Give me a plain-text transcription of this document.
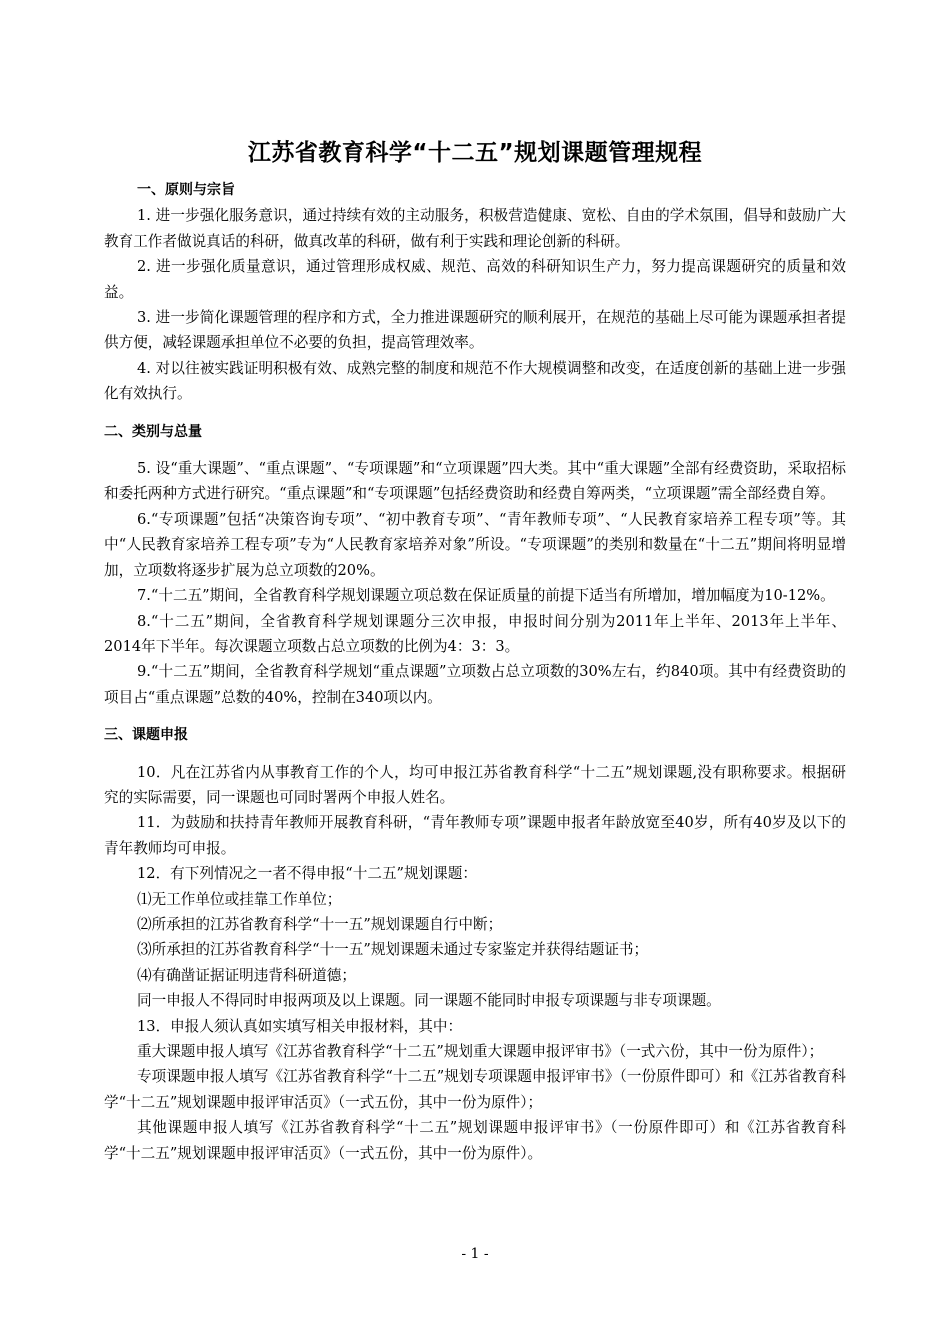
江苏省教育科学“十二五”规划课题管理规程
一、原则与宗旨
1. 进一步强化服务意识，通过持续有效的主动服务，积极营造健康、宽松、自由的学术氛围，倡导和鼓励广大教育工作者做说真话的科研，做真改革的科研，做有利于实践和理论创新的科研。
2. 进一步强化质量意识，通过管理形成权威、规范、高效的科研知识生产力，努力提高课题研究的质量和效益。
3. 进一步简化课题管理的程序和方式，全力推进课题研究的顺利展开，在规范的基础上尽可能为课题承担者提供方便，减轻课题承担单位不必要的负担，提高管理效率。
4. 对以往被实践证明积极有效、成熟完整的制度和规范不作大规模调整和改变，在适度创新的基础上进一步强化有效执行。
二、类别与总量
5. 设“重大课题”、“重点课题”、“专项课题”和“立项课题”四大类。其中“重大课题”全部有经费资助，采取招标和委托两种方式进行研究。“重点课题”和“专项课题”包括经费资助和经费自筹两类，“立项课题”需全部经费自筹。
6.“专项课题”包括“决策咨询专项”、“初中教育专项”、“青年教师专项”、“人民教育家培养工程专项”等。其中“人民教育家培养工程专项”专为“人民教育家培养对象”所设。“专项课题”的类别和数量在“十二五”期间将明显增加，立项数将逐步扩展为总立项数的20%。
7.“十二五”期间，全省教育科学规划课题立项总数在保证质量的前提下适当有所增加，增加幅度为10-12%。
8.“十二五”期间，全省教育科学规划课题分三次申报，申报时间分别为2011年上半年、2013年上半年、2014年下半年。每次课题立项数占总立项数的比例为4：3：3。
9.“十二五”期间，全省教育科学规划“重点课题”立项数占总立项数的30%左右，约840项。其中有经费资助的项目占“重点课题”总数的40%，控制在340项以内。
三、课题申报
10．凡在江苏省内从事教育工作的个人，均可申报江苏省教育科学“十二五”规划课题,没有职称要求。根据研究的实际需要，同一课题也可同时署两个申报人姓名。
11．为鼓励和扶持青年教师开展教育科研，“青年教师专项”课题申报者年龄放宽至40岁，所有40岁及以下的青年教师均可申报。
12．有下列情况之一者不得申报“十二五”规划课题：
⑴无工作单位或挂靠工作单位；
⑵所承担的江苏省教育科学“十一五”规划课题自行中断；
⑶所承担的江苏省教育科学“十一五”规划课题未通过专家鉴定并获得结题证书；
⑷有确凿证据证明违背科研道德；
同一申报人不得同时申报两项及以上课题。同一课题不能同时申报专项课题与非专项课题。
13．申报人须认真如实填写相关申报材料，其中：
重大课题申报人填写《江苏省教育科学“十二五”规划重大课题申报评审书》（一式六份，其中一份为原件）；
专项课题申报人填写《江苏省教育科学“十二五”规划专项课题申报评审书》（一份原件即可）和《江苏省教育科学“十二五”规划课题申报评审活页》（一式五份，其中一份为原件）；
其他课题申报人填写《江苏省教育科学“十二五”规划课题申报评审书》（一份原件即可）和《江苏省教育科学“十二五”规划课题申报评审活页》（一式五份，其中一份为原件）。
- 1 -
